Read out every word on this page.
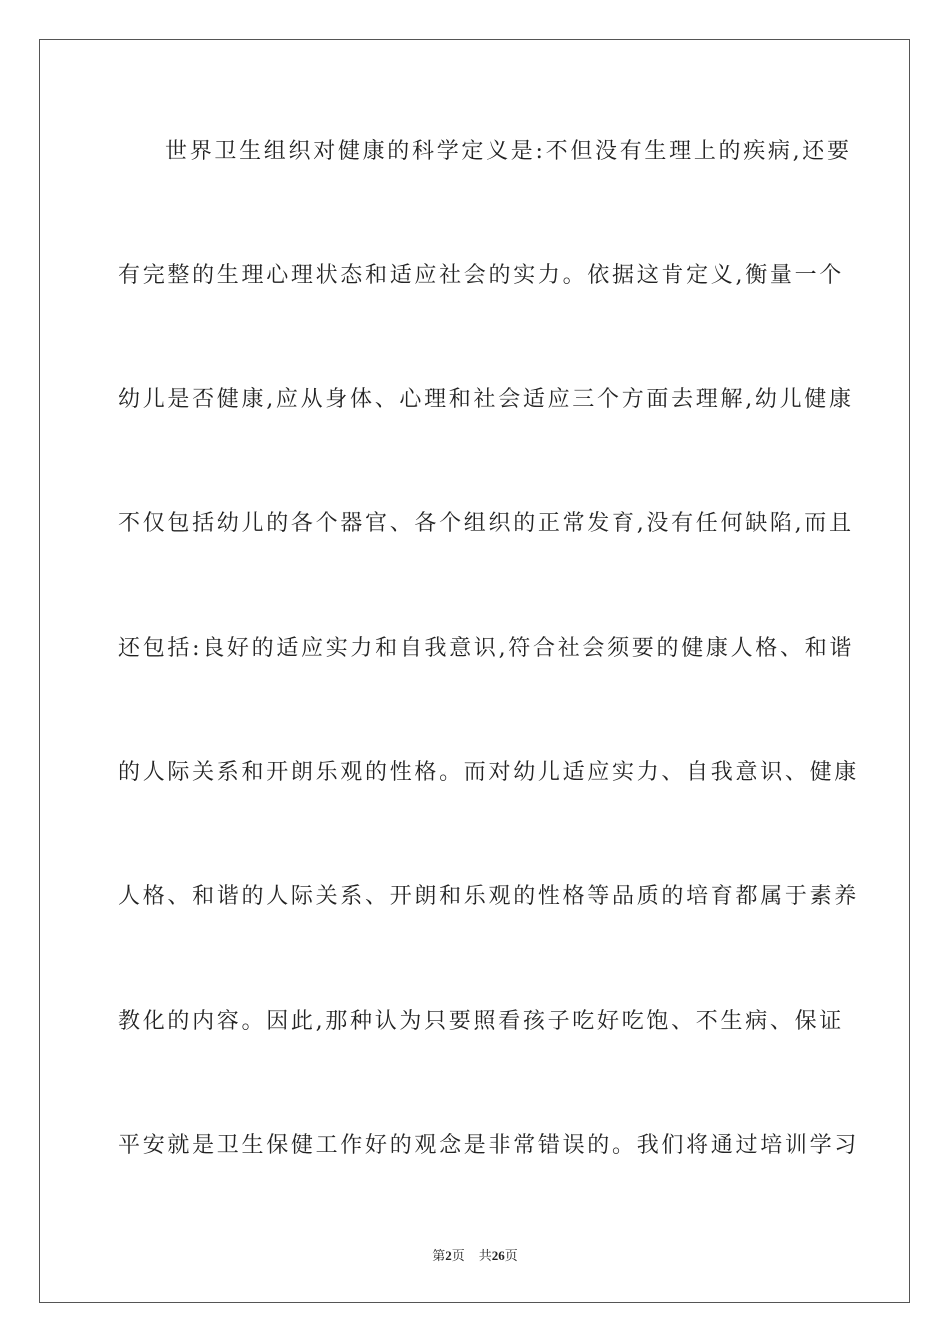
世界卫生组织对健康的科学定义是:不但没有生理上的疾病,还要
有完整的生理心理状态和适应社会的实力。依据这肯定义,衡量一个
幼儿是否健康,应从身体、心理和社会适应三个方面去理解,幼儿健康
不仅包括幼儿的各个器官、各个组织的正常发育,没有任何缺陷,而且
还包括:良好的适应实力和自我意识,符合社会须要的健康人格、和谐
的人际关系和开朗乐观的性格。而对幼儿适应实力、自我意识、健康
人格、和谐的人际关系、开朗和乐观的性格等品质的培育都属于素养
教化的内容。因此,那种认为只要照看孩子吃好吃饱、不生病、保证
平安就是卫生保健工作好的观念是非常错误的。我们将通过培训学习
第2页 共26页
